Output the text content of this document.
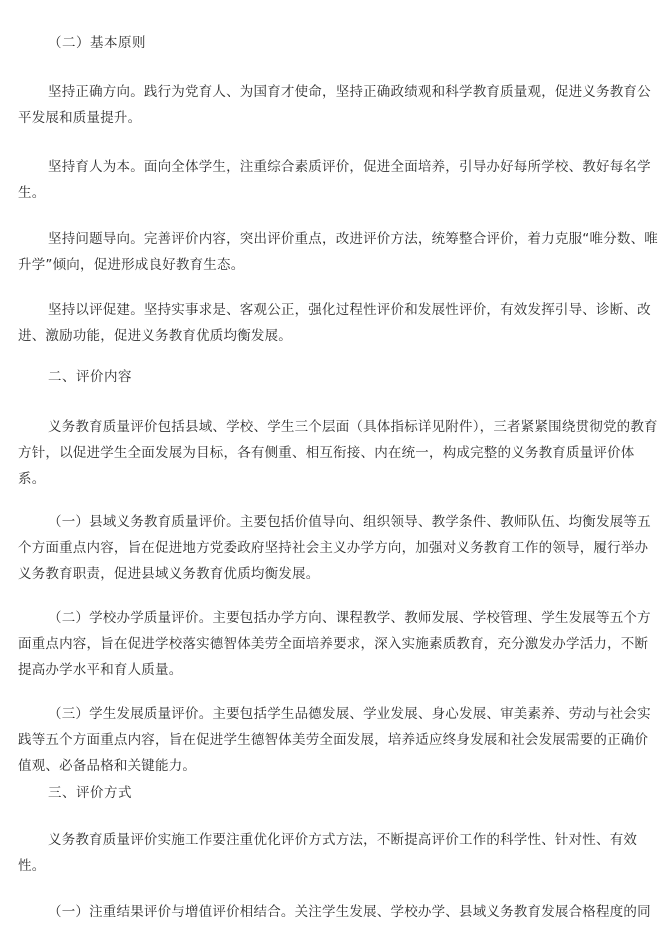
（二）基本原则
坚持正确方向。践行为党育人、为国育才使命，坚持正确政绩观和科学教育质量观，促进义务教育公平发展和质量提升。
坚持育人为本。面向全体学生，注重综合素质评价，促进全面培养，引导办好每所学校、教好每名学生。
坚持问题导向。完善评价内容，突出评价重点，改进评价方法，统筹整合评价，着力克服“唯分数、唯升学”倾向，促进形成良好教育生态。
坚持以评促建。坚持实事求是、客观公正，强化过程性评价和发展性评价，有效发挥引导、诊断、改进、激励功能，促进义务教育优质均衡发展。
二、评价内容
义务教育质量评价包括县域、学校、学生三个层面（具体指标详见附件），三者紧紧围绕贯彻党的教育方针，以促进学生全面发展为目标，各有侧重、相互衔接、内在统一，构成完整的义务教育质量评价体系。
（一）县域义务教育质量评价。主要包括价值导向、组织领导、教学条件、教师队伍、均衡发展等五个方面重点内容，旨在促进地方党委政府坚持社会主义办学方向，加强对义务教育工作的领导，履行举办义务教育职责，促进县域义务教育优质均衡发展。
（二）学校办学质量评价。主要包括办学方向、课程教学、教师发展、学校管理、学生发展等五个方面重点内容，旨在促进学校落实德智体美劳全面培养要求，深入实施素质教育，充分激发办学活力，不断提高办学水平和育人质量。
（三）学生发展质量评价。主要包括学生品德发展、学业发展、身心发展、审美素养、劳动与社会实践等五个方面重点内容，旨在促进学生德智体美劳全面发展，培养适应终身发展和社会发展需要的正确价值观、必备品格和关键能力。
三、评价方式
义务教育质量评价实施工作要注重优化评价方式方法，不断提高评价工作的科学性、针对性、有效性。
（一）注重结果评价与增值评价相结合。关注学生发展、学校办学、县域义务教育发展合格程度的同
